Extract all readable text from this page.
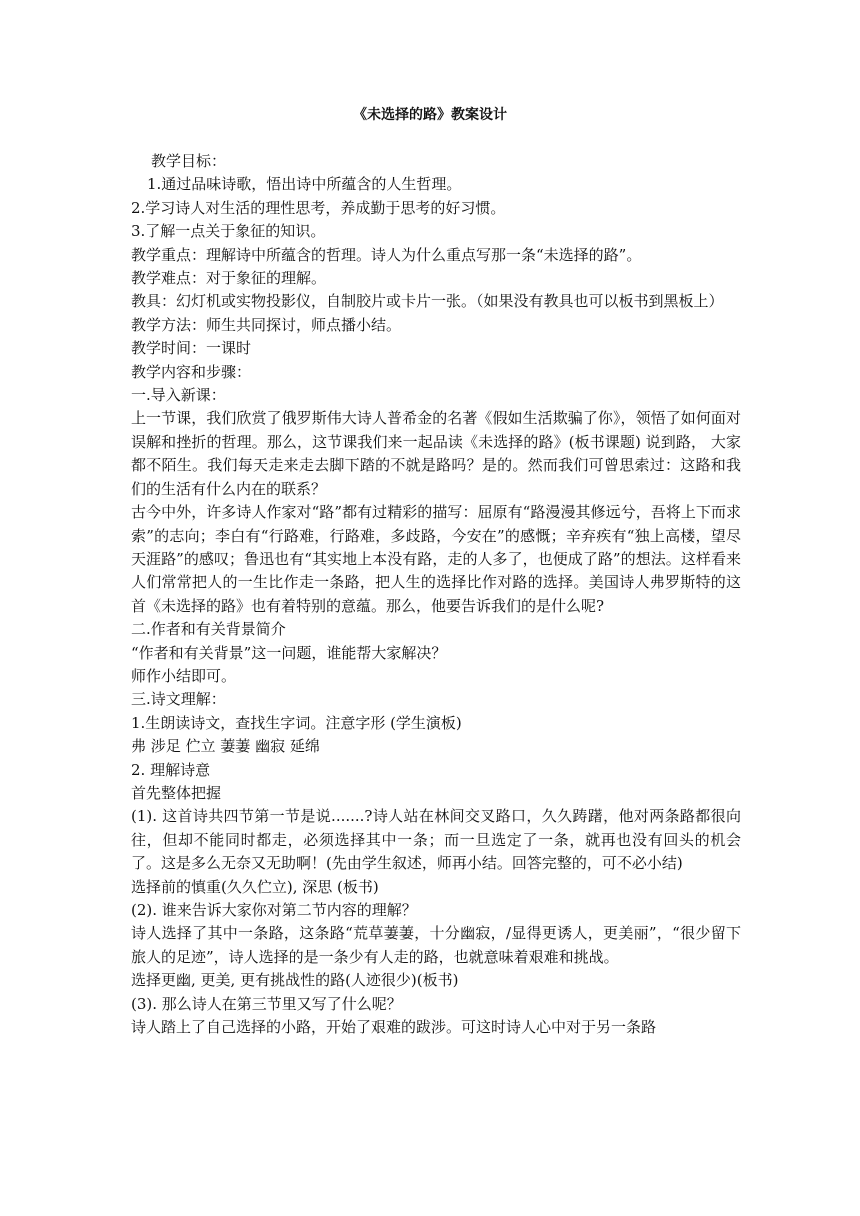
《未选择的路》教案设计

教学目标：

1.通过品味诗歌，悟出诗中所蕴含的人生哲理。

2.学习诗人对生活的理性思考，养成勤于思考的好习惯。

3.了解一点关于象征的知识。

教学重点：理解诗中所蕴含的哲理。诗人为什么重点写那一条“未选择的路”。

教学难点：对于象征的理解。

教具：幻灯机或实物投影仪，自制胶片或卡片一张。（如果没有教具也可以板书到黑板上）

教学方法：师生共同探讨，师点播小结。

教学时间：一课时

教学内容和步骤：

一.导入新课：

上一节课，我们欣赏了俄罗斯伟大诗人普希金的名著《假如生活欺骗了你》，领悟了如何面对误解和挫折的哲理。那么，这节课我们来一起品读《未选择的路》(板书课题) 说到路， 大家都不陌生。我们每天走来走去脚下踏的不就是路吗？是的。然而我们可曾思索过：这路和我们的生活有什么内在的联系？

古今中外，许多诗人作家对“路”都有过精彩的描写：屈原有“路漫漫其修远兮，吾将上下而求索”的志向；李白有“行路难，行路难，多歧路，今安在”的感慨；辛弃疾有“独上高楼，望尽天涯路”的感叹；鲁迅也有“其实地上本没有路，走的人多了，也便成了路”的想法。这样看来人们常常把人的一生比作走一条路，把人生的选择比作对路的选择。美国诗人弗罗斯特的这首《未选择的路》也有着特别的意蕴。那么，他要告诉我们的是什么呢?

二.作者和有关背景简介

“作者和有关背景”这一问题，谁能帮大家解决？

师作小结即可。

三.诗文理解：

1.生朗读诗文，查找生字词。注意字形 (学生演板)

弗 涉足 伫立 萋萋 幽寂 延绵

2. 理解诗意

首先整体把握

(1). 这首诗共四节第一节是说.......?诗人站在林间交叉路口，久久踌躇，他对两条路都很向往，但却不能同时都走，必须选择其中一条；而一旦选定了一条，就再也没有回头的机会了。这是多么无奈又无助啊！(先由学生叙述，师再小结。回答完整的，可不必小结)

选择前的慎重(久久伫立), 深思 (板书)

(2). 谁来告诉大家你对第二节内容的理解？

诗人选择了其中一条路，这条路“荒草萋萋，十分幽寂，/显得更诱人，更美丽”，“很少留下旅人的足迹”，诗人选择的是一条少有人走的路，也就意味着艰难和挑战。

选择更幽, 更美, 更有挑战性的路(人迹很少)(板书)

(3). 那么诗人在第三节里又写了什么呢？

诗人踏上了自己选择的小路，开始了艰难的跋涉。可这时诗人心中对于另一条路
